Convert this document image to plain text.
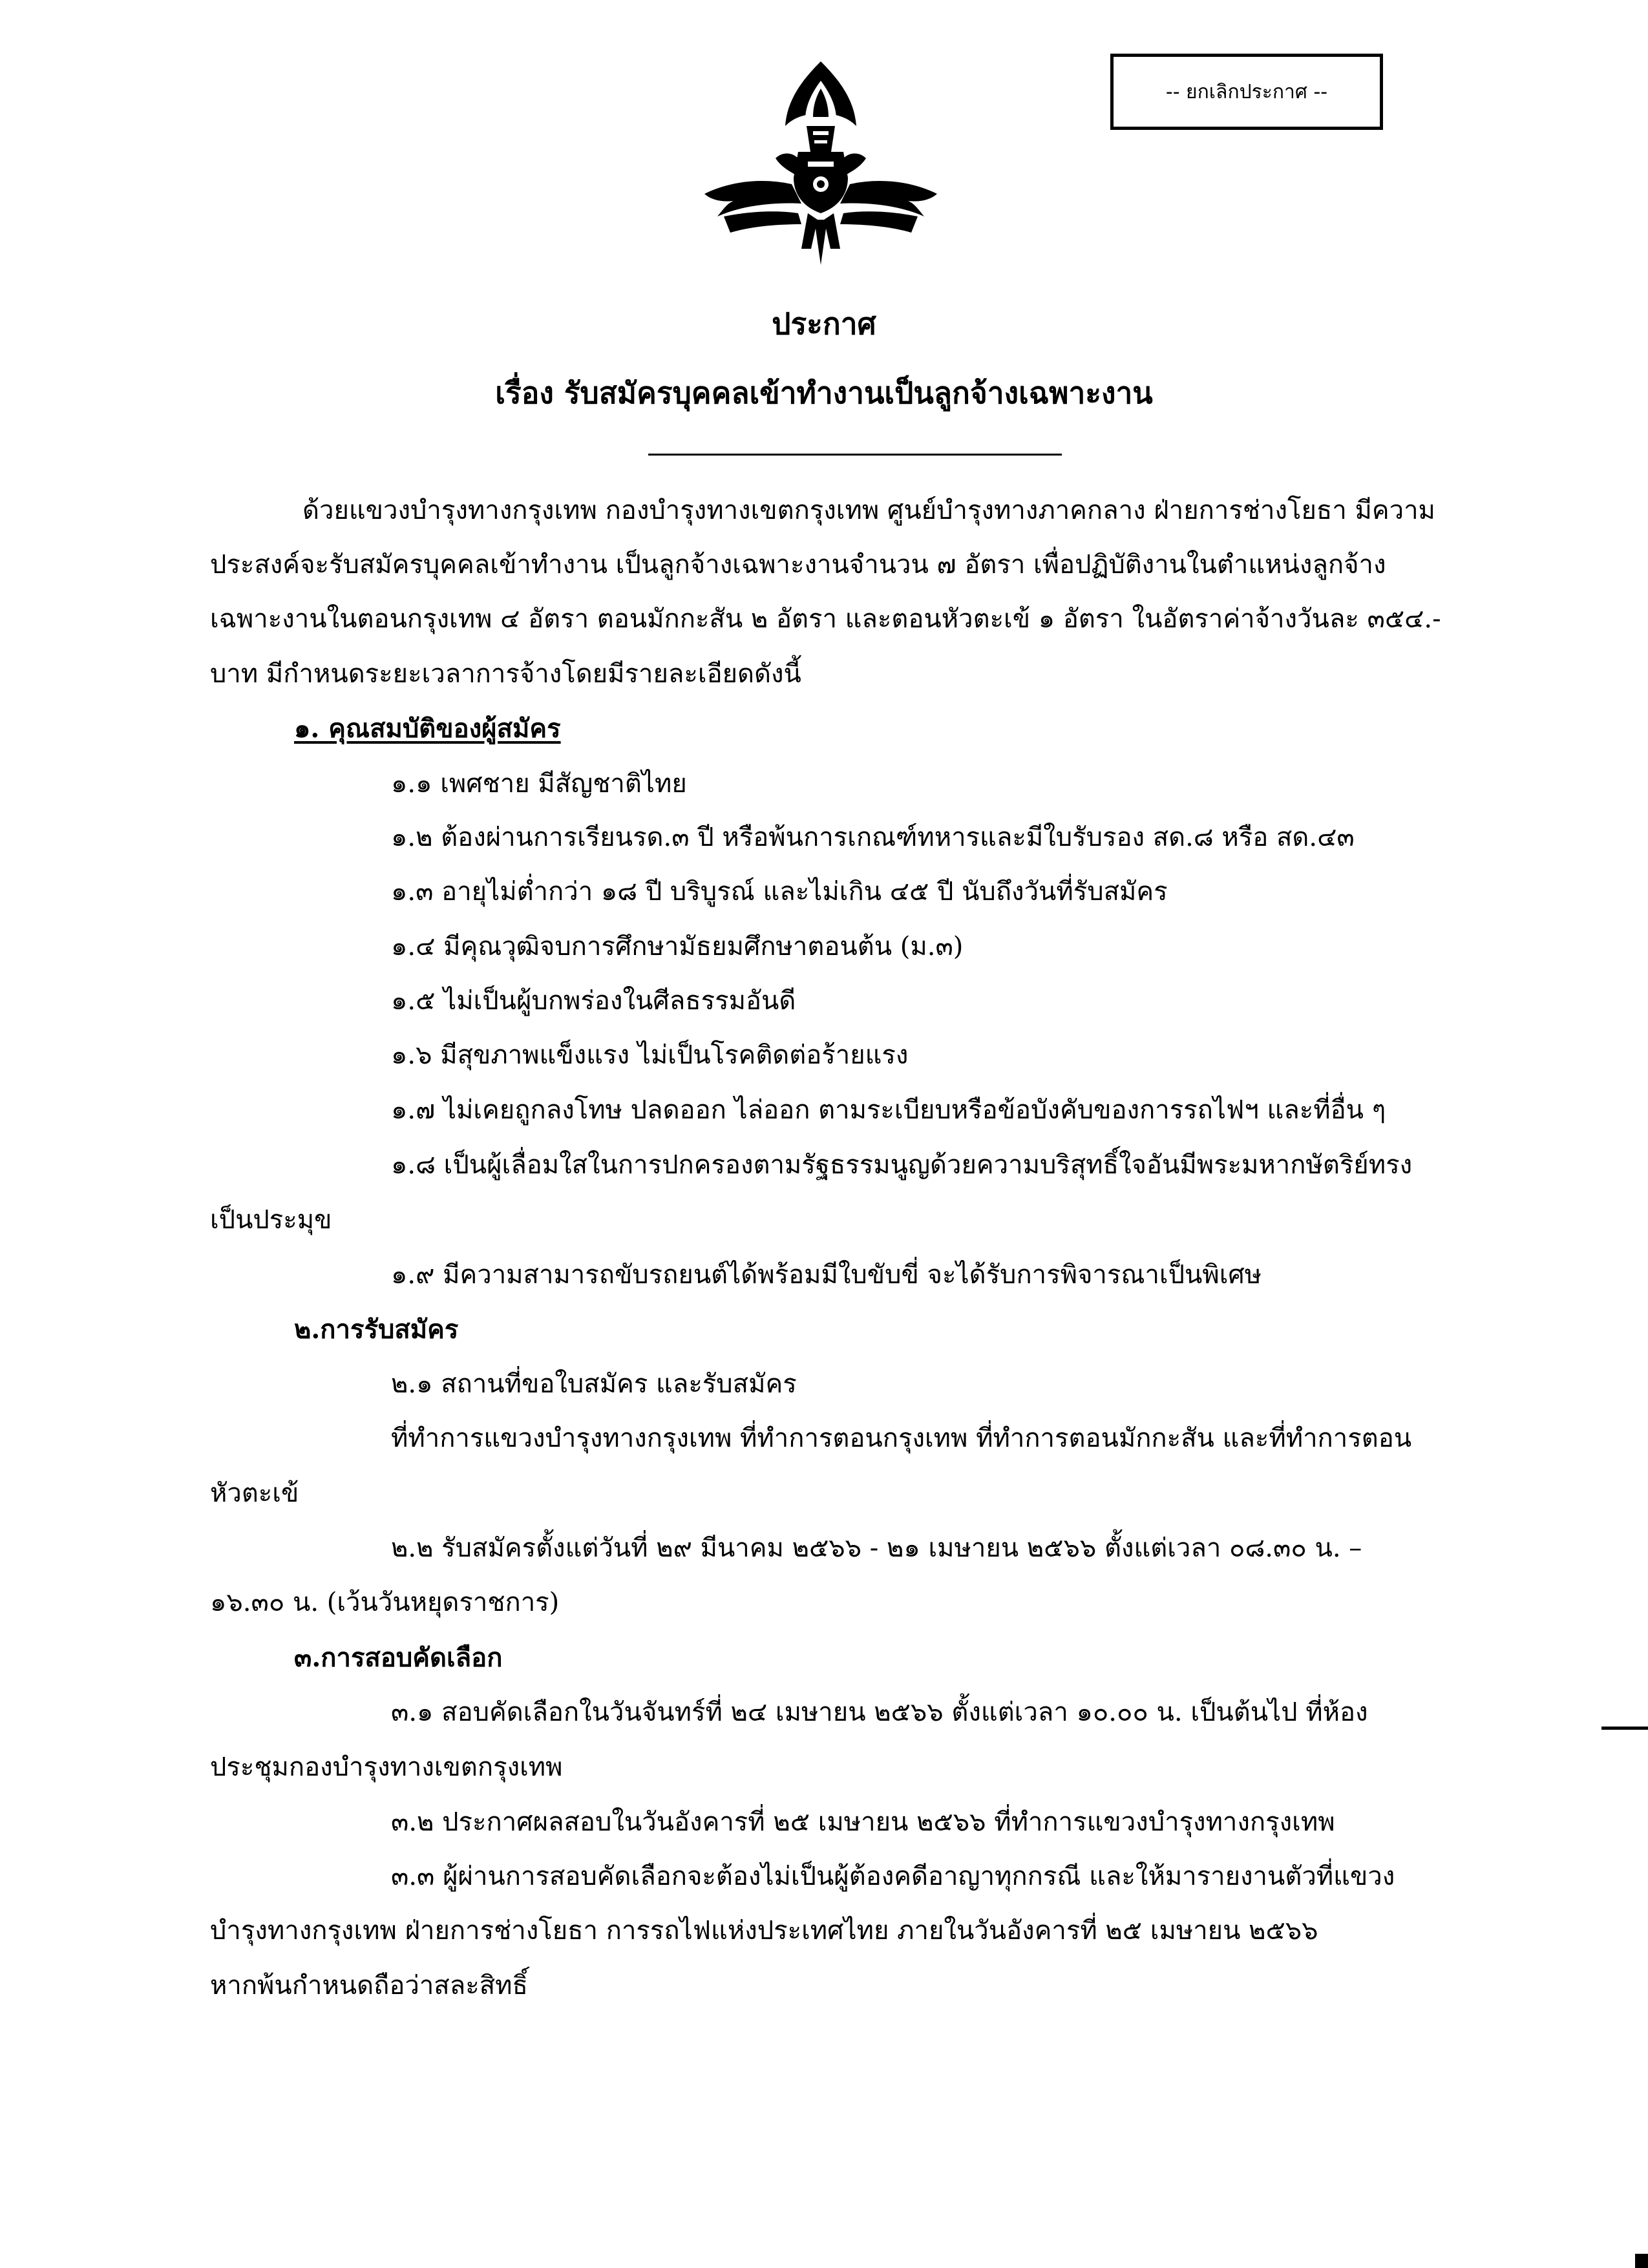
-- ยกเลิกประกาศ --
ประกาศ
เรื่อง รับสมัครบุคคลเข้าทำงานเป็นลูกจ้างเฉพาะงาน
ด้วยแขวงบำรุงทางกรุงเทพ กองบำรุงทางเขตกรุงเทพ ศูนย์บำรุงทางภาคกลาง ฝ่ายการช่างโยธา มีความ
ประสงค์จะรับสมัครบุคคลเข้าทำงาน เป็นลูกจ้างเฉพาะงานจำนวน ๗ อัตรา เพื่อปฏิบัติงานในตำแหน่งลูกจ้าง
เฉพาะงานในตอนกรุงเทพ ๔ อัตรา ตอนมักกะสัน ๒ อัตรา และตอนหัวตะเข้ ๑ อัตรา ในอัตราค่าจ้างวันละ ๓๕๔.-
บาท มีกำหนดระยะเวลาการจ้างโดยมีรายละเอียดดังนี้
๑. คุณสมบัติของผู้สมัคร
๑.๑ เพศชาย มีสัญชาติไทย
๑.๒ ต้องผ่านการเรียนรด.๓ ปี หรือพ้นการเกณฑ์ทหารและมีใบรับรอง สด.๘ หรือ สด.๔๓
๑.๓ อายุไม่ต่ำกว่า ๑๘ ปี บริบูรณ์ และไม่เกิน ๔๕ ปี นับถึงวันที่รับสมัคร
๑.๔ มีคุณวุฒิจบการศึกษามัธยมศึกษาตอนต้น (ม.๓)
๑.๕ ไม่เป็นผู้บกพร่องในศีลธรรมอันดี
๑.๖ มีสุขภาพแข็งแรง ไม่เป็นโรคติดต่อร้ายแรง
๑.๗ ไม่เคยถูกลงโทษ ปลดออก ไล่ออก ตามระเบียบหรือข้อบังคับของการรถไฟฯ และที่อื่น ๆ
๑.๘ เป็นผู้เลื่อมใสในการปกครองตามรัฐธรรมนูญด้วยความบริสุทธิ์ใจอันมีพระมหากษัตริย์ทรง
เป็นประมุข
๑.๙ มีความสามารถขับรถยนต์ได้พร้อมมีใบขับขี่ จะได้รับการพิจารณาเป็นพิเศษ
๒.การรับสมัคร
๒.๑ สถานที่ขอใบสมัคร และรับสมัคร
ที่ทำการแขวงบำรุงทางกรุงเทพ ที่ทำการตอนกรุงเทพ ที่ทำการตอนมักกะสัน และที่ทำการตอน
หัวตะเข้
๒.๒ รับสมัครตั้งแต่วันที่ ๒๙ มีนาคม ๒๕๖๖ - ๒๑ เมษายน ๒๕๖๖ ตั้งแต่เวลา ๐๘.๓๐ น. –
๑๖.๓๐ น. (เว้นวันหยุดราชการ)
๓.การสอบคัดเลือก
๓.๑ สอบคัดเลือกในวันจันทร์ที่ ๒๔ เมษายน ๒๕๖๖ ตั้งแต่เวลา ๑๐.๐๐ น. เป็นต้นไป ที่ห้อง
ประชุมกองบำรุงทางเขตกรุงเทพ
๓.๒ ประกาศผลสอบในวันอังคารที่ ๒๕ เมษายน ๒๕๖๖ ที่ทำการแขวงบำรุงทางกรุงเทพ
๓.๓ ผู้ผ่านการสอบคัดเลือกจะต้องไม่เป็นผู้ต้องคดีอาญาทุกกรณี และให้มารายงานตัวที่แขวง
บำรุงทางกรุงเทพ ฝ่ายการช่างโยธา การรถไฟแห่งประเทศไทย ภายในวันอังคารที่ ๒๕ เมษายน ๒๕๖๖
หากพ้นกำหนดถือว่าสละสิทธิ์
